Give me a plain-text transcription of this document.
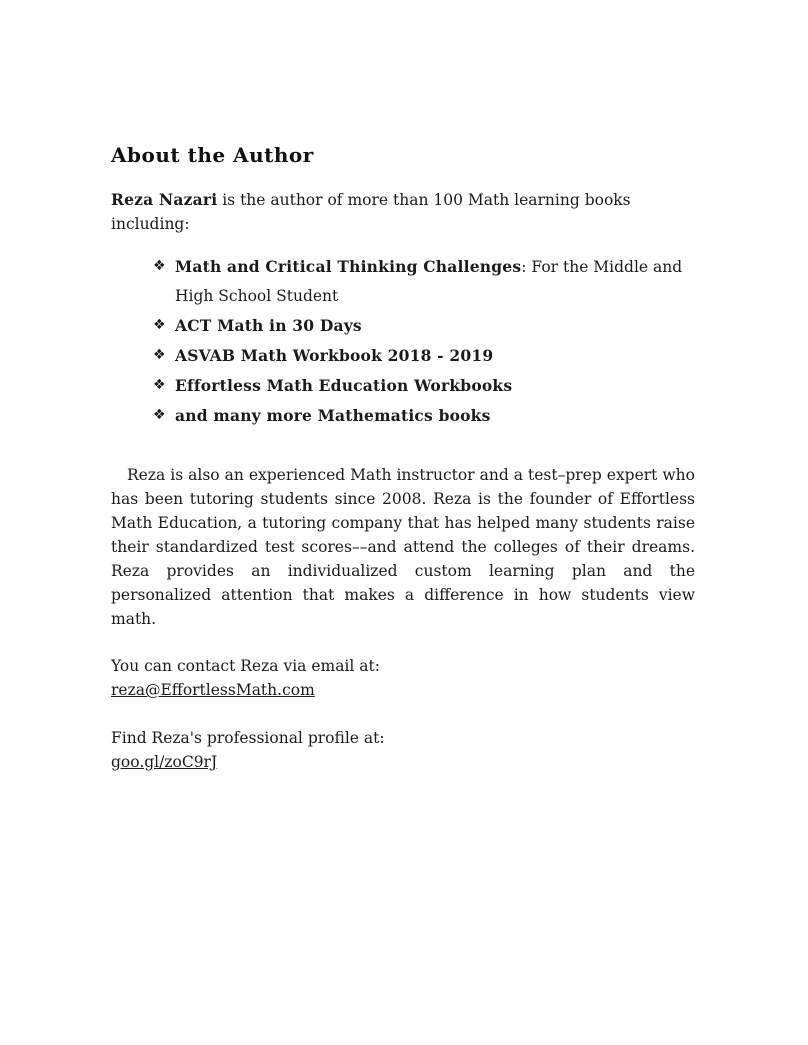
About the Author

Reza Nazari is the author of more than 100 Math learning books including:

❖ Math and Critical Thinking Challenges: For the Middle and High School Student
❖ ACT Math in 30 Days
❖ ASVAB Math Workbook 2018 - 2019
❖ Effortless Math Education Workbooks
❖ and many more Mathematics books

Reza is also an experienced Math instructor and a test–prep expert who has been tutoring students since 2008. Reza is the founder of Effortless Math Education, a tutoring company that has helped many students raise their standardized test scores––and attend the colleges of their dreams. Reza provides an individualized custom learning plan and the personalized attention that makes a difference in how students view math.

You can contact Reza via email at:

reza@EffortlessMath.com

Find Reza's professional profile at:

goo.gl/zoC9rJ
